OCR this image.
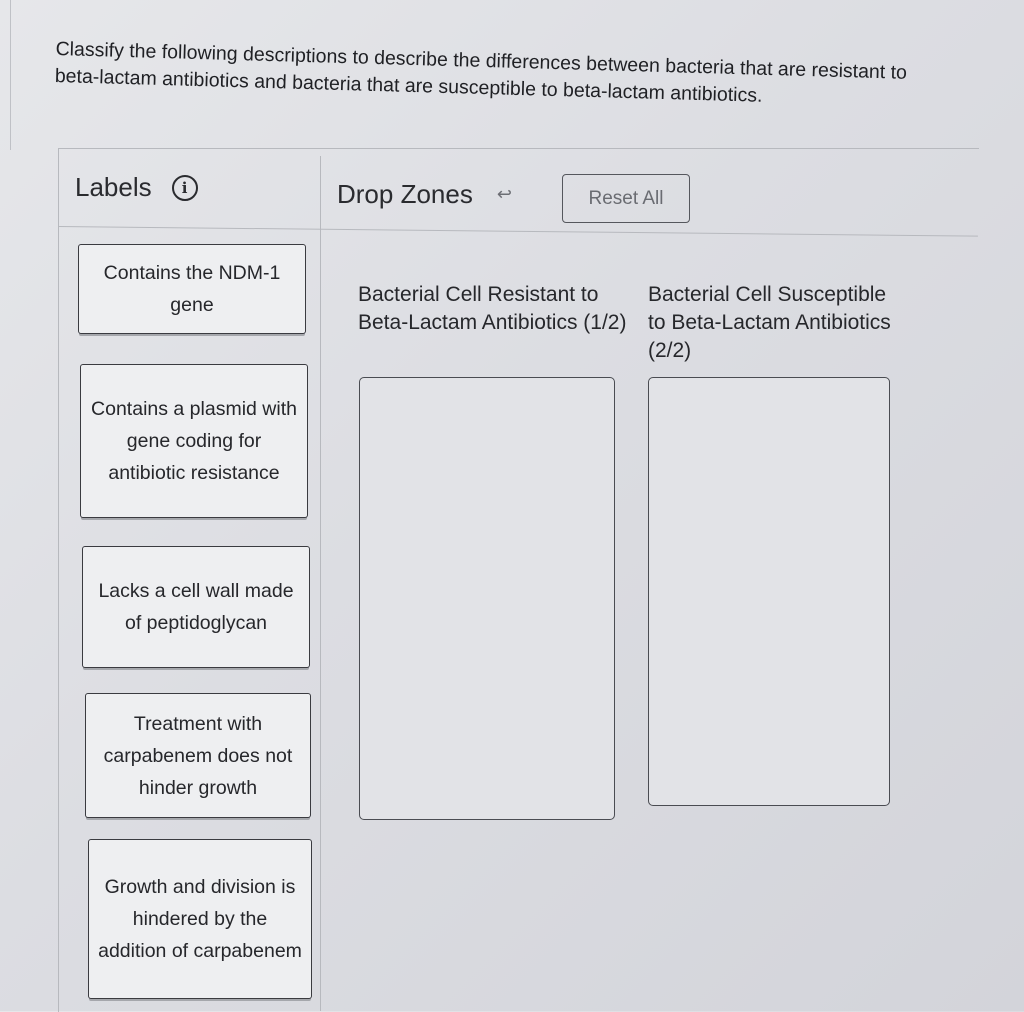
Classify the following descriptions to describe the differences between bacteria that are resistant to beta-lactam antibiotics and bacteria that are susceptible to beta-lactam antibiotics.

Labels	i	Drop Zones ↩	Reset All
Contains the NDM-1 gene
Contains a plasmid with gene coding for antibiotic resistance
Lacks a cell wall made of peptidoglycan
Treatment with carpabenem does not hinder growth
Growth and division is hindered by the addition of carpabenem
Bacterial Cell Resistant to Beta-Lactam Antibiotics (1/2)
Bacterial Cell Susceptible to Beta-Lactam Antibiotics (2/2)
